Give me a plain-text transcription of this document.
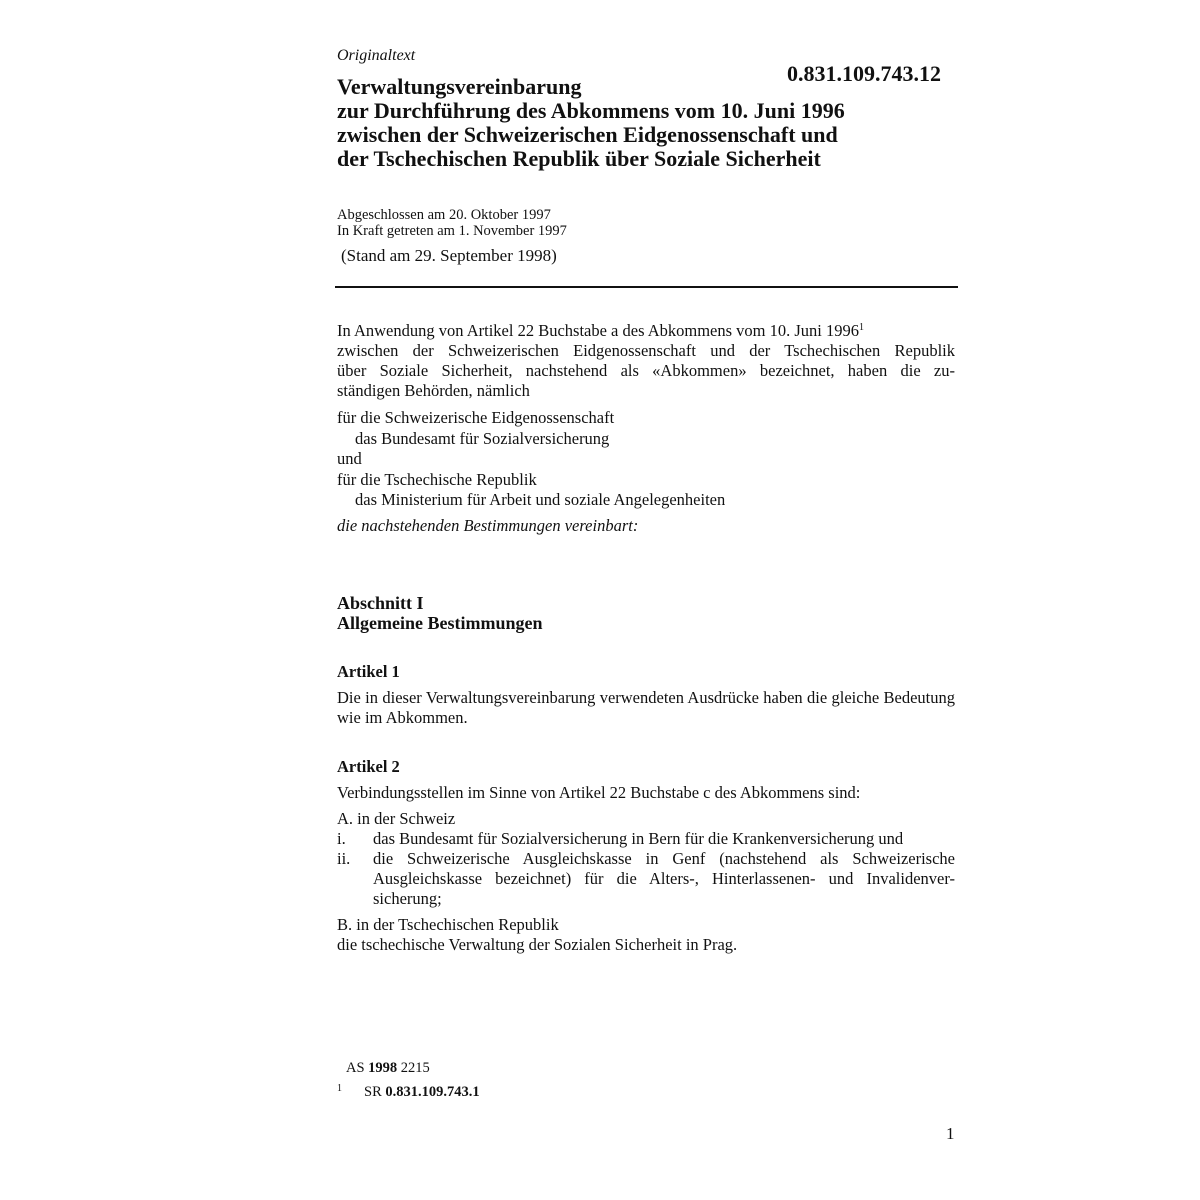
Originaltext
0.831.109.743.12
Verwaltungsvereinbarung
zur Durchführung des Abkommens vom 10. Juni 1996
zwischen der Schweizerischen Eidgenossenschaft und
der Tschechischen Republik über Soziale Sicherheit
Abgeschlossen am 20. Oktober 1997
In Kraft getreten am 1. November 1997
(Stand am 29. September 1998)
In Anwendung von Artikel 22 Buchstabe a des Abkommens vom 10. Juni 1996$^1$
zwischen der Schweizerischen Eidgenossenschaft und der Tschechischen Republik
über Soziale Sicherheit, nachstehend als «Abkommen» bezeichnet, haben die zu-
ständigen Behörden, nämlich
für die Schweizerische Eidgenossenschaft
das Bundesamt für Sozialversicherung
und
für die Tschechische Republik
das Ministerium für Arbeit und soziale Angelegenheiten
die nachstehenden Bestimmungen vereinbart:
Abschnitt I
Allgemeine Bestimmungen
Artikel 1
Die in dieser Verwaltungsvereinbarung verwendeten Ausdrücke haben die gleiche Bedeutung wie im Abkommen.
Artikel 2
Verbindungsstellen im Sinne von Artikel 22 Buchstabe c des Abkommens sind:
A. in der Schweiz
i.	das Bundesamt für Sozialversicherung in Bern für die Krankenversicherung und
ii.	die Schweizerische Ausgleichskasse in Genf (nachstehend als Schweizerische Ausgleichskasse bezeichnet) für die Alters-, Hinterlassenen- und Invalidenver-sicherung;
B. in der Tschechischen Republik
die tschechische Verwaltung der Sozialen Sicherheit in Prag.
AS 1998 2215
$^1$ SR 0.831.109.743.1
1
